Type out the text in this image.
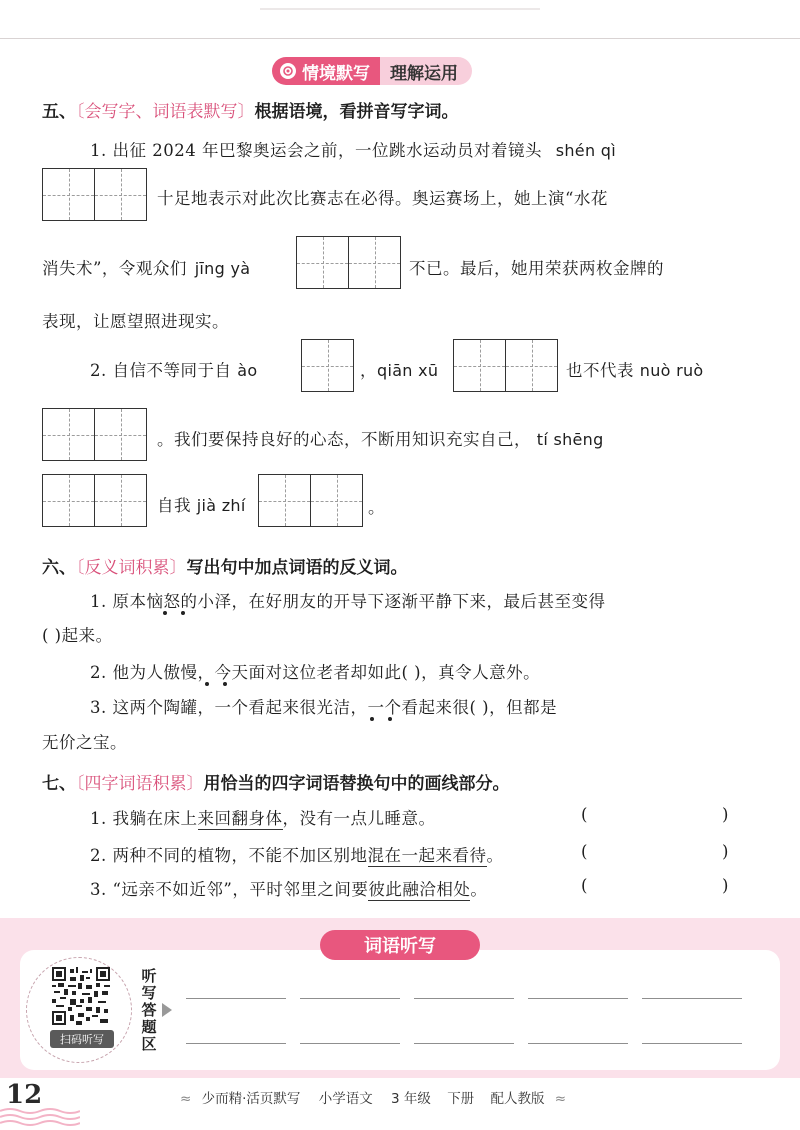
情境默写	理解运用
五、〔会写字、词语表默写〕根据语境，看拼音写字词。
1. 出征 2024 年巴黎奥运会之前，一位跳水运动员对着镜头 shén qì
十足地表示对此次比赛志在必得。奥运赛场上，她上演“水花
消失术”，令观众们 jīng yà	不已。最后，她用荣获两枚金牌的
表现，让愿望照进现实。
2. 自信不等同于自 ào	，qiān xū	也不代表 nuò ruò
。我们要保持良好的心态，不断用知识充实自己， tí shēng
自我 jià zhí	。
六、〔反义词积累〕写出句中加点词语的反义词。
1. 原本恼怒的小泽，在好朋友的开导下逐渐平静下来，最后甚至变得
( )起来。
2. 他为人傲慢，今天面对这位老者却如此( )，真令人意外。
3. 这两个陶罐，一个看起来很光洁，一个看起来很( )，但都是
无价之宝。
七、〔四字词语积累〕用恰当的四字词语替换句中的画线部分。
1. 我躺在床上来回翻身体，没有一点儿睡意。	(	)
2. 两种不同的植物，不能不加区别地混在一起来看待。	(	)
3. “远亲不如近邻”，平时邻里之间要彼此融洽相处。	(	)
词语听写
扫码听写
听写答题区
12	≈ 少而精·活页默写 小学语文 3 年级 下册 配人教版 ≈
